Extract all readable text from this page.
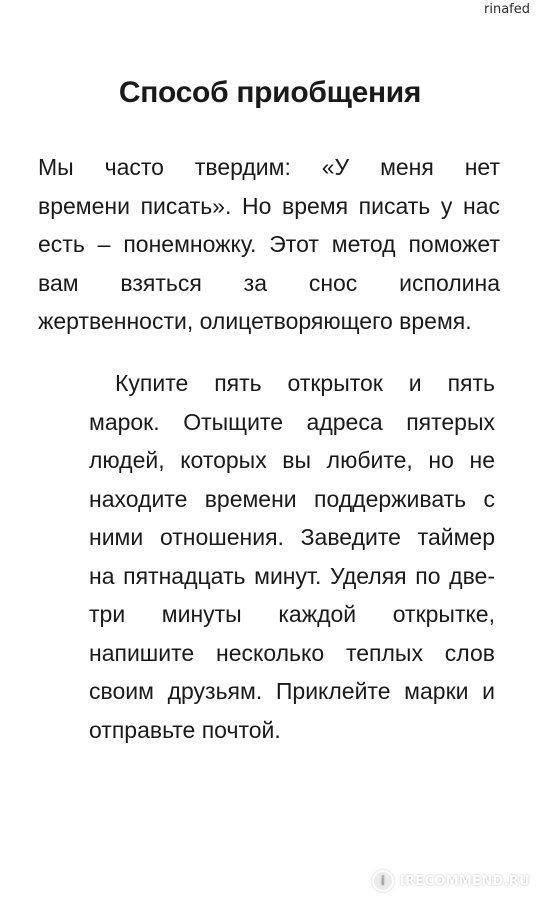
rinafed
Способ приобщения
Мы часто твердим: «У меня нет
времени писать». Но время писать у нас
есть – понемножку. Этот метод поможет
вам взяться за снос исполина
жертвенности, олицетворяющего время.
Купите пять открыток и пять
марок. Отыщите адреса пятерых
людей, которых вы любите, но не
находите времени поддерживать с
ними отношения. Заведите таймер
на пятнадцать минут. Уделяя по две-
три минуты каждой открытке,
напишите несколько теплых слов
своим друзьям. Приклейте марки и
отправьте почтой.
i	IRECOMMEND.RU
